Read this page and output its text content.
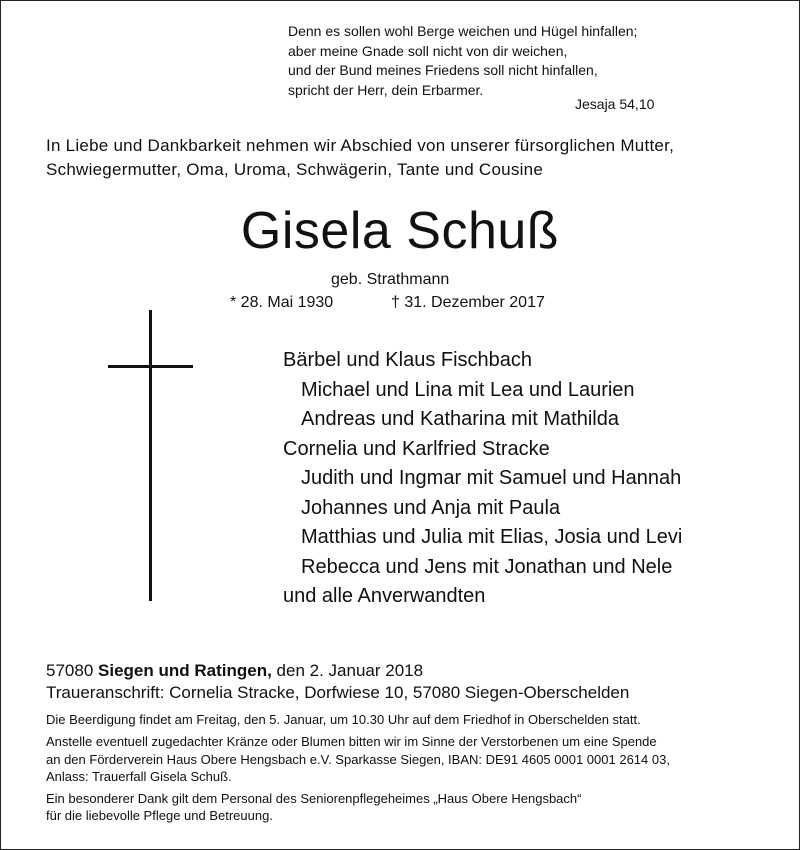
Denn es sollen wohl Berge weichen und Hügel hinfallen;
aber meine Gnade soll nicht von dir weichen,
und der Bund meines Friedens soll nicht hinfallen,
spricht der Herr, dein Erbarmer.
Jesaja 54,10
In Liebe und Dankbarkeit nehmen wir Abschied von unserer fürsorglichen Mutter,
Schwiegermutter, Oma, Uroma, Schwägerin, Tante und Cousine
Gisela Schuß
geb. Strathmann
* 28. Mai 1930	† 31. Dezember 2017
Bärbel und Klaus Fischbach
Michael und Lina mit Lea und Laurien
Andreas und Katharina mit Mathilda
Cornelia und Karlfried Stracke
Judith und Ingmar mit Samuel und Hannah
Johannes und Anja mit Paula
Matthias und Julia mit Elias, Josia und Levi
Rebecca und Jens mit Jonathan und Nele
und alle Anverwandten
57080 Siegen und Ratingen, den 2. Januar 2018
Traueranschrift: Cornelia Stracke, Dorfwiese 10, 57080 Siegen-Oberschelden

Die Beerdigung findet am Freitag, den 5. Januar, um 10.30 Uhr auf dem Friedhof in Oberschelden statt.

Anstelle eventuell zugedachter Kränze oder Blumen bitten wir im Sinne der Verstorbenen um eine Spende
an den Förderverein Haus Obere Hengsbach e.V. Sparkasse Siegen, IBAN: DE91 4605 0001 0001 2614 03,
Anlass: Trauerfall Gisela Schuß.

Ein besonderer Dank gilt dem Personal des Seniorenpflegeheimes „Haus Obere Hengsbach“
für die liebevolle Pflege und Betreuung.
